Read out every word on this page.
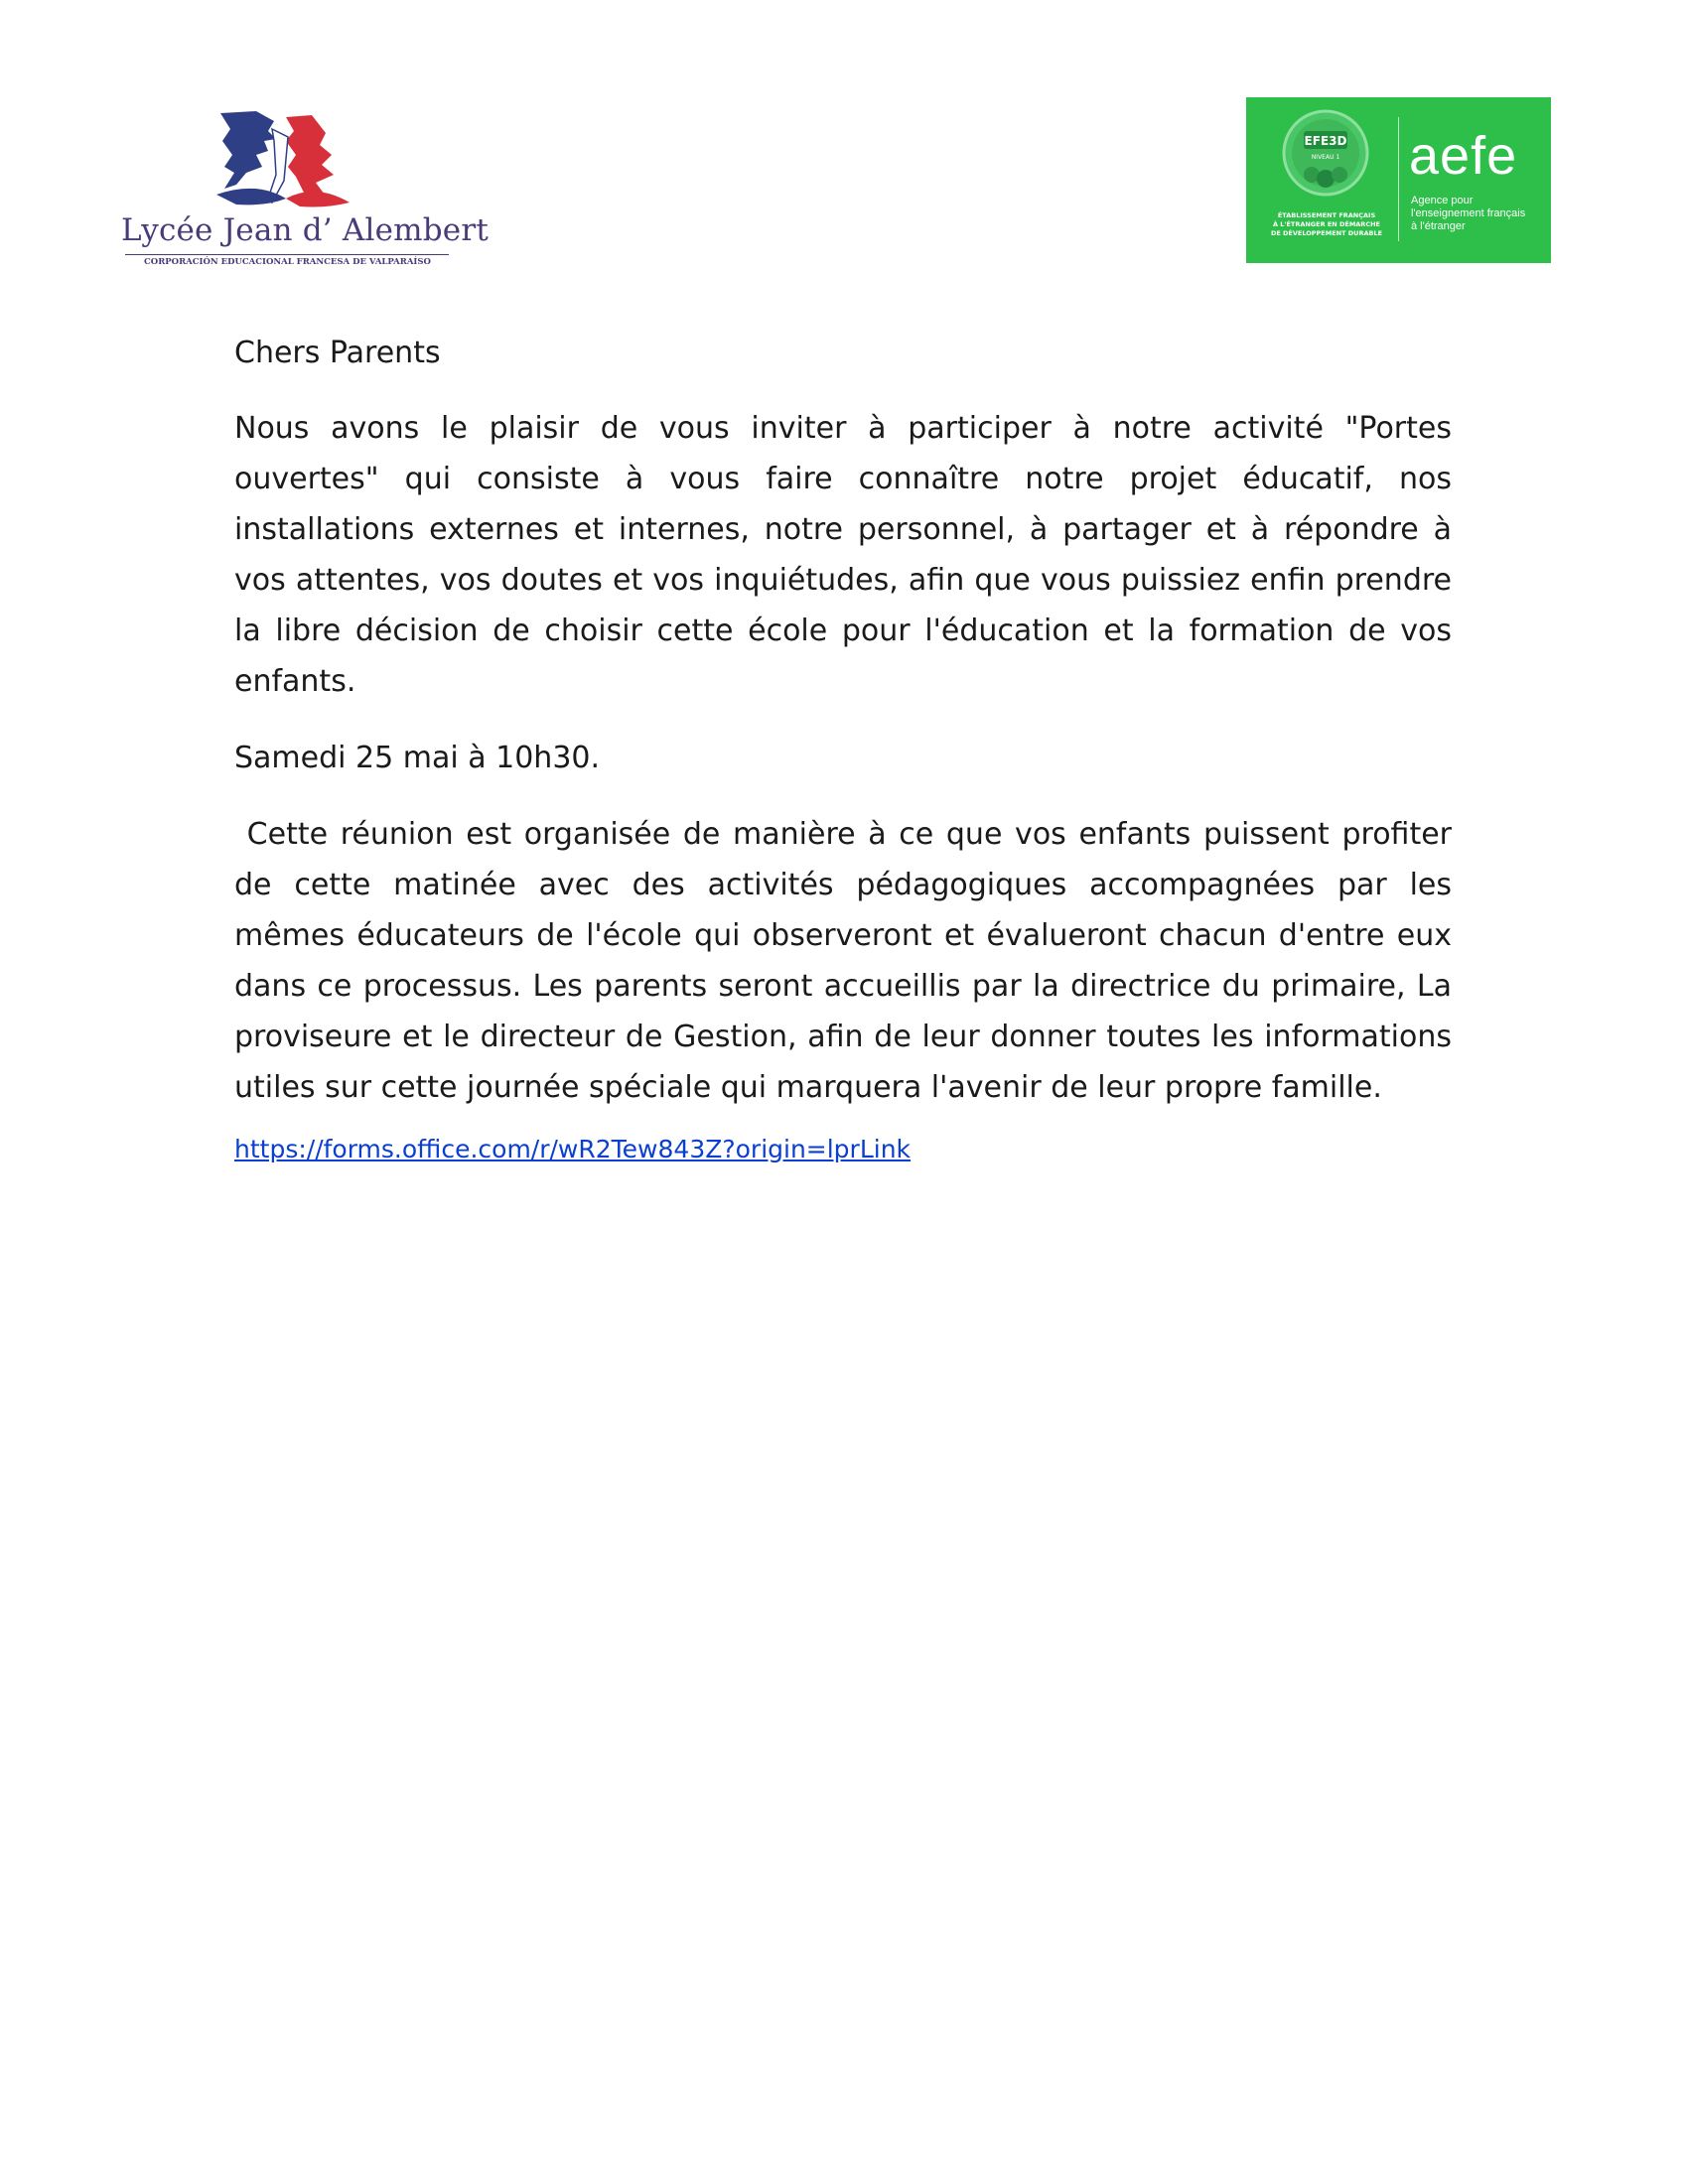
Lycée Jean d’ Alembert
CORPORACIÓN EDUCACIONAL FRANCESA DE VALPARAÍSO
EFE3D
NIVEAU 1
ÉTABLISSEMENT FRANÇAIS
À L'ÉTRANGER EN DÉMARCHE
DE DÉVELOPPEMENT DURABLE
aefe
Agence pour
l'enseignement français
à l'étranger

Chers Parents

Nous avons le plaisir de vous inviter à participer à notre activité "Portes ouvertes" qui consiste à vous faire connaître notre projet éducatif, nos installations externes et internes, notre personnel, à partager et à répondre à vos attentes, vos doutes et vos inquiétudes, afin que vous puissiez enfin prendre la libre décision de choisir cette école pour l'éducation et la formation de vos enfants.

Samedi 25 mai à 10h30.

Cette réunion est organisée de manière à ce que vos enfants puissent profiter de cette matinée avec des activités pédagogiques accompagnées par les mêmes éducateurs de l'école qui observeront et évalueront chacun d'entre eux dans ce processus. Les parents seront accueillis par la directrice du primaire, La proviseure et le directeur de Gestion, afin de leur donner toutes les informations utiles sur cette journée spéciale qui marquera l'avenir de leur propre famille.

https://forms.office.com/r/wR2Tew843Z?origin=lprLink
